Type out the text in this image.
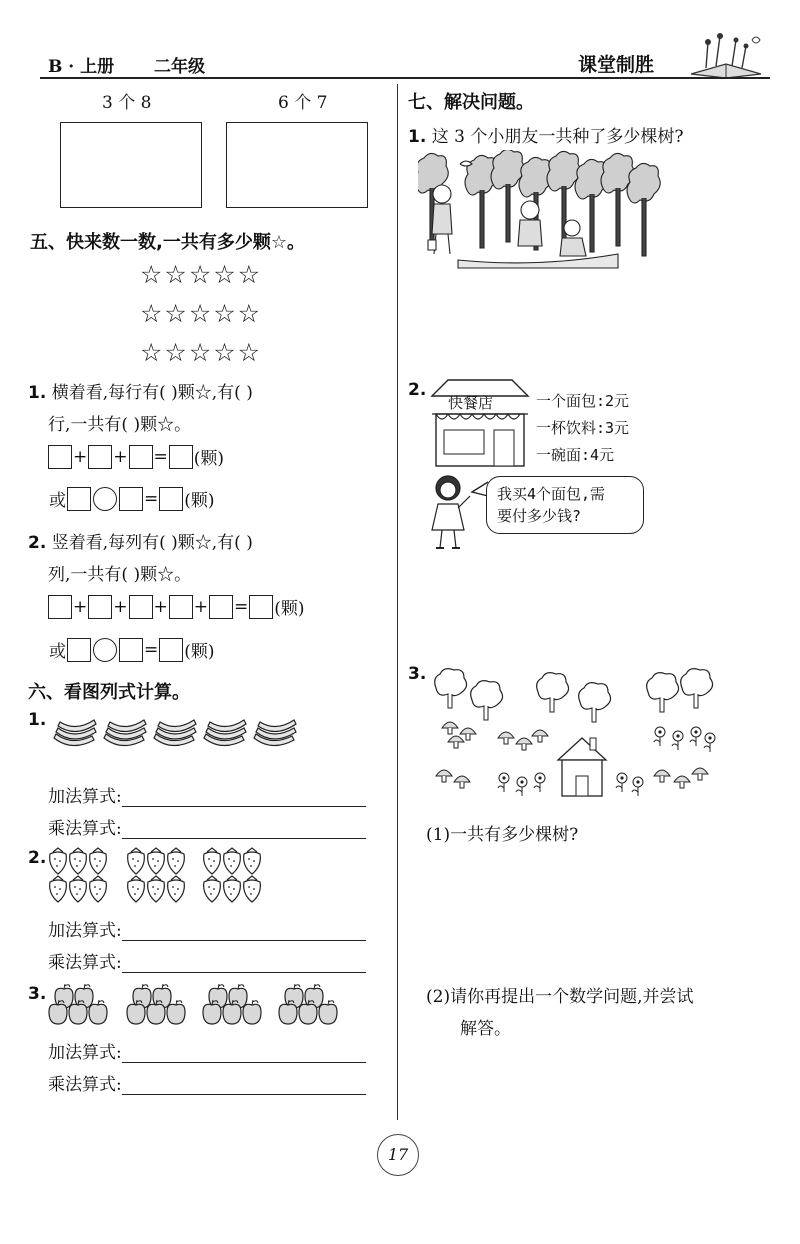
B · 上册 二年级	课堂制胜
3 个 8	6 个 7
五、快来数一数,一共有多少颗☆。
☆☆☆☆☆
☆☆☆☆☆
☆☆☆☆☆
1. 横着看,每行有( )颗☆,有( )
行,一共有( )颗☆。
+ + = (颗)
或	= (颗)
2. 竖着看,每列有( )颗☆,有( )
列,一共有( )颗☆。
+ + + + = (颗)
或	= (颗)
六、看图列式计算。
1.
加法算式:
乘法算式:
2.
加法算式:
乘法算式:
3.
加法算式:
乘法算式:
七、解决问题。
1. 这 3 个小朋友一共种了多少棵树?
2.
快餐店	一个面包:2元
一杯饮料:3元
一碗面:4元
我买4个面包,需
要付多少钱?
3.
(1)一共有多少棵树?
(2)请你再提出一个数学问题,并尝试
解答。
17
